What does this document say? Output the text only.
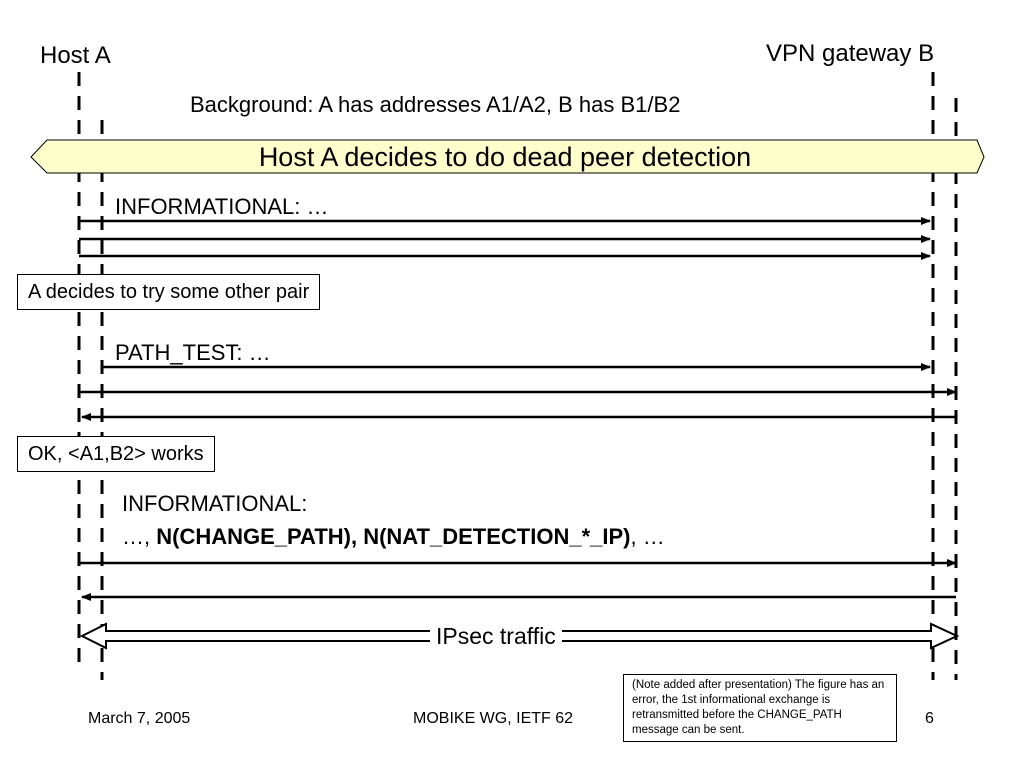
Host A	VPN gateway B
Background: A has addresses A1/A2, B has B1/B2
Host A decides to do dead peer detection
INFORMATIONAL: …
A decides to try some other pair
PATH_TEST: …
OK, <A1,B2> works
INFORMATIONAL:
…, N(CHANGE_PATH), N(NAT_DETECTION_*_IP), …
IPsec traffic
(Note added after presentation) The figure has an error, the 1st informational exchange is retransmitted before the CHANGE_PATH message can be sent.
March 7, 2005	MOBIKE WG, IETF 62	6
